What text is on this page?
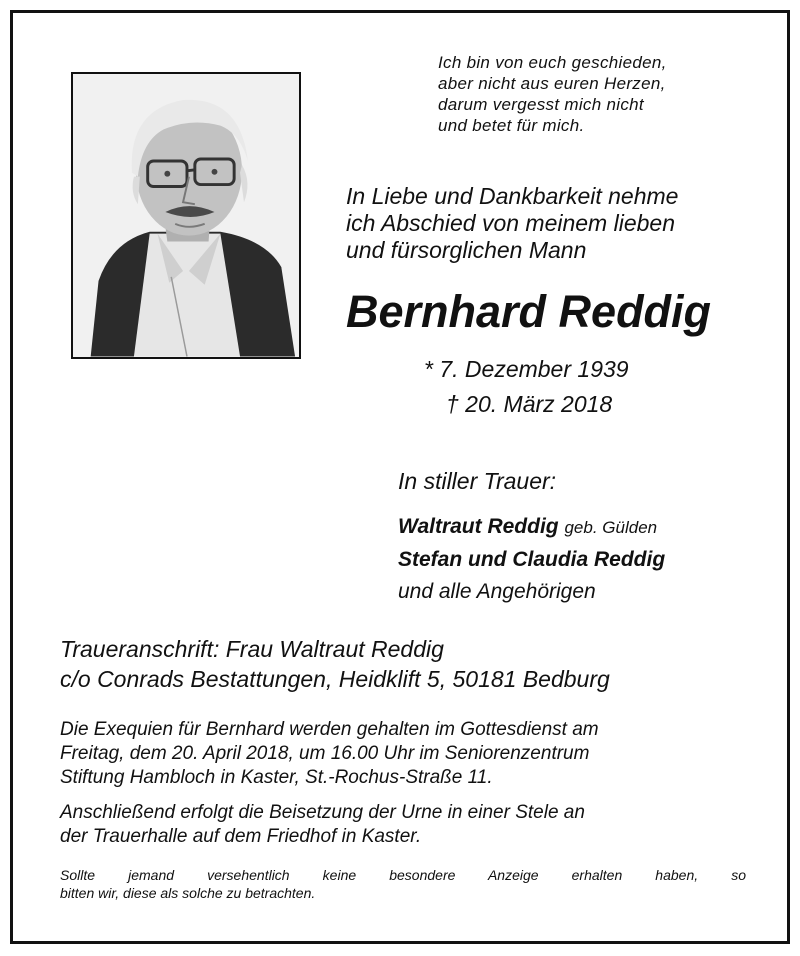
Ich bin von euch geschieden,
aber nicht aus euren Herzen,
darum vergesst mich nicht
und betet für mich.
In Liebe und Dankbarkeit nehme
ich Abschied von meinem lieben
und fürsorglichen Mann
Bernhard Reddig
* 7. Dezember 1939
† 20. März 2018
In stiller Trauer:
Waltraut Reddig geb. Gülden
Stefan und Claudia Reddig
und alle Angehörigen
Traueranschrift: Frau Waltraut Reddig
c/o Conrads Bestattungen, Heidklift 5, 50181 Bedburg
Die Exequien für Bernhard werden gehalten im Gottesdienst am
Freitag, dem 20. April 2018, um 16.00 Uhr im Seniorenzentrum
Stiftung Hambloch in Kaster, St.-Rochus-Straße 11.
Anschließend erfolgt die Beisetzung der Urne in einer Stele an
der Trauerhalle auf dem Friedhof in Kaster.
Sollte jemand versehentlich keine besondere Anzeige erhalten haben, so
bitten wir, diese als solche zu betrachten.
